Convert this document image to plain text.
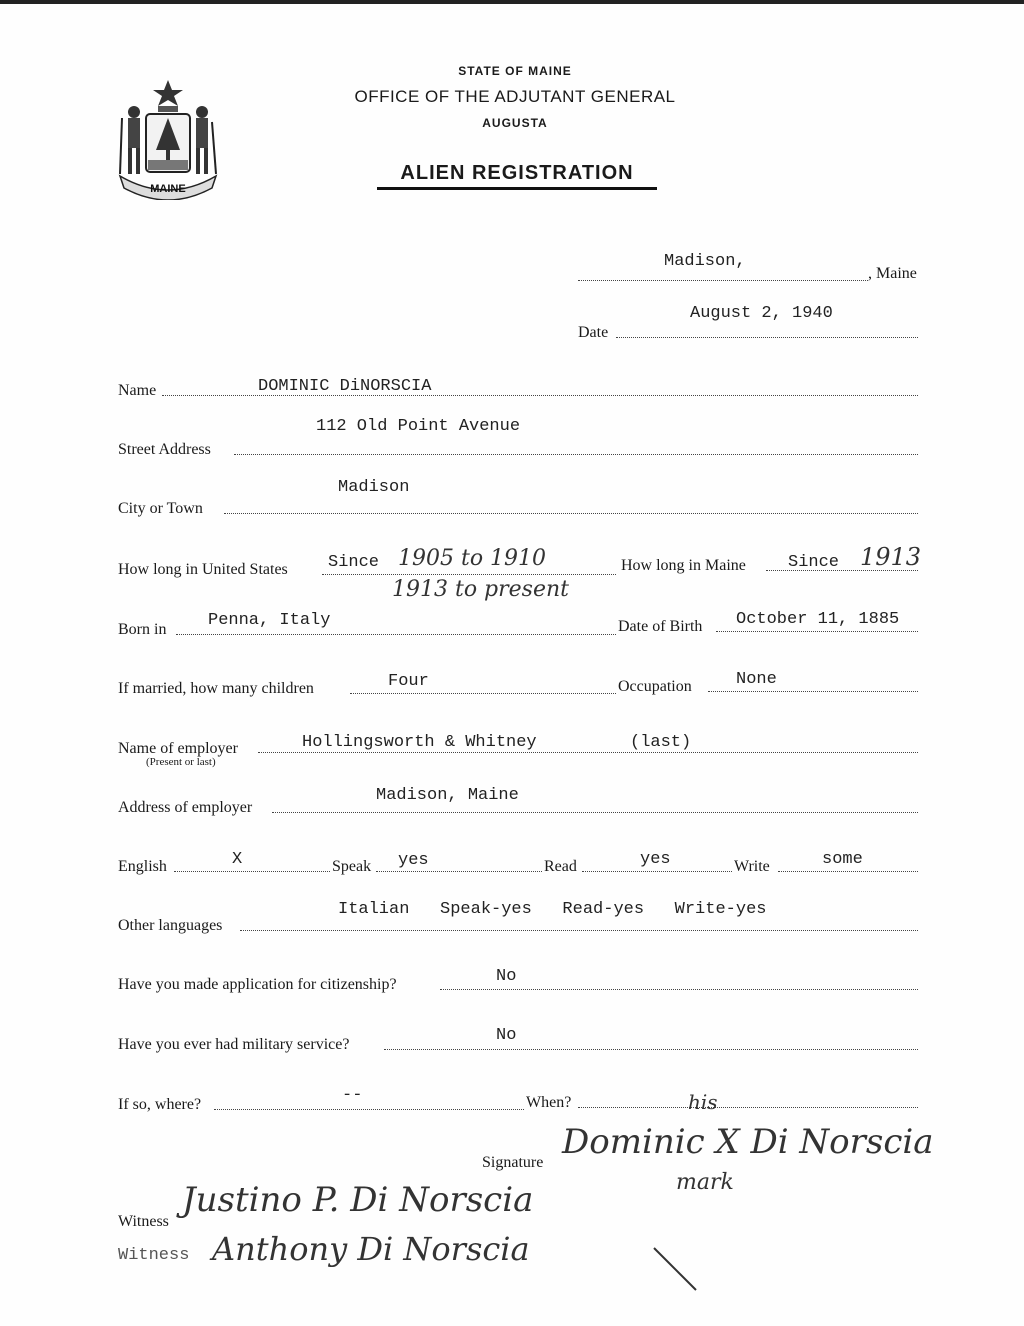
MAINE
STATE OF MAINE
OFFICE OF THE ADJUTANT GENERAL
AUGUSTA
ALIEN REGISTRATION
Madison,
, Maine
Date
August 2, 1940
Name	DOMINIC DiNORSCIA
Street Address
112 Old Point Avenue
City or Town
Madison
How long in United States Since 1905 to 1910
1913 to present
How long in Maine Since 1913
Born in Penna, Italy	Date of Birth October 11, 1885
If married, how many children	Four	Occupation	None
Name of employer
(Present or last)
Hollingsworth & Whitney	(last)
Address of employer
Madison, Maine
English	X	Speak yes	Read	yes	Write	some
Other languages
Italian   Speak-yes   Read-yes   Write-yes
Have you made application for citizenship?	No
Have you ever had military service?	No
If so, where?	--	When?	his
Signature
Dominic X Di Norscia
mark
Witness
Justino P. Di Norscia
Witness Anthony Di Norscia
